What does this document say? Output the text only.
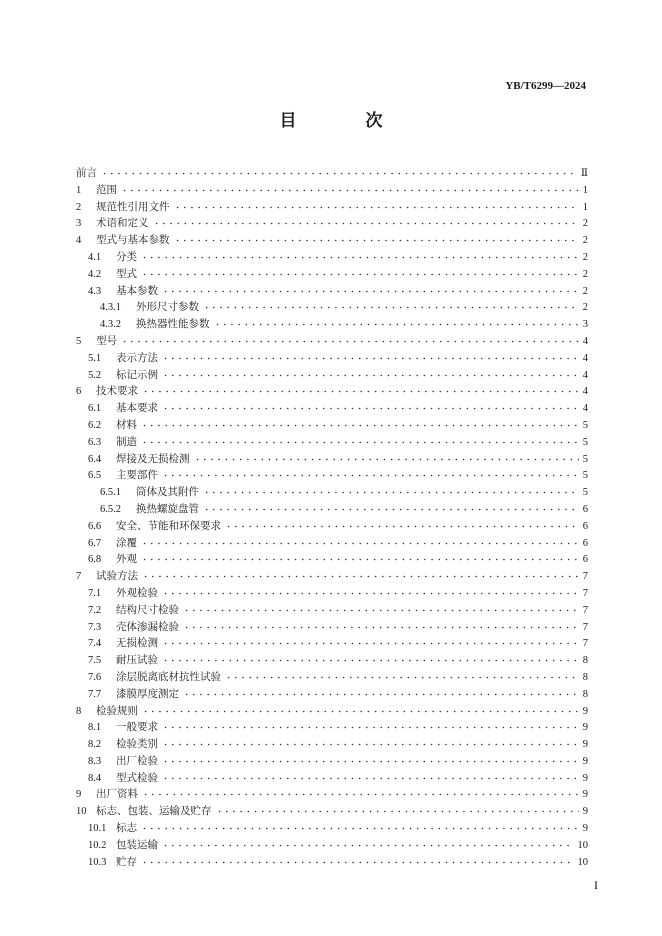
YB/T6299—2024
目　次
前言	Ⅱ
1	范围	1
2	规范性引用文件	1
3	术语和定义	2
4	型式与基本参数	2
4.1	分类	2
4.2	型式	2
4.3	基本参数	2
4.3.1	外形尺寸参数	2
4.3.2	换热器性能参数	3
5	型号	4
5.1	表示方法	4
5.2	标记示例	4
6	技术要求	4
6.1	基本要求	4
6.2	材料	5
6.3	制造	5
6.4	焊接及无损检测	5
6.5	主要部件	5
6.5.1	筒体及其附件	5
6.5.2	换热螺旋盘管	6
6.6	安全、节能和环保要求	6
6.7	涂覆	6
6.8	外观	6
7	试验方法	7
7.1	外观检验	7
7.2	结构尺寸检验	7
7.3	壳体渗漏检验	7
7.4	无损检测	7
7.5	耐压试验	8
7.6	涂层脱离底材抗性试验	8
7.7	漆膜厚度测定	8
8	检验规则	9
8.1	一般要求	9
8.2	检验类别	9
8.3	出厂检验	9
8.4	型式检验	9
9	出厂资料	9
10 标志、包装、运输及贮存	9
10.1 标志	9
10.2 包装运输	10
10.3 贮存	10
I
